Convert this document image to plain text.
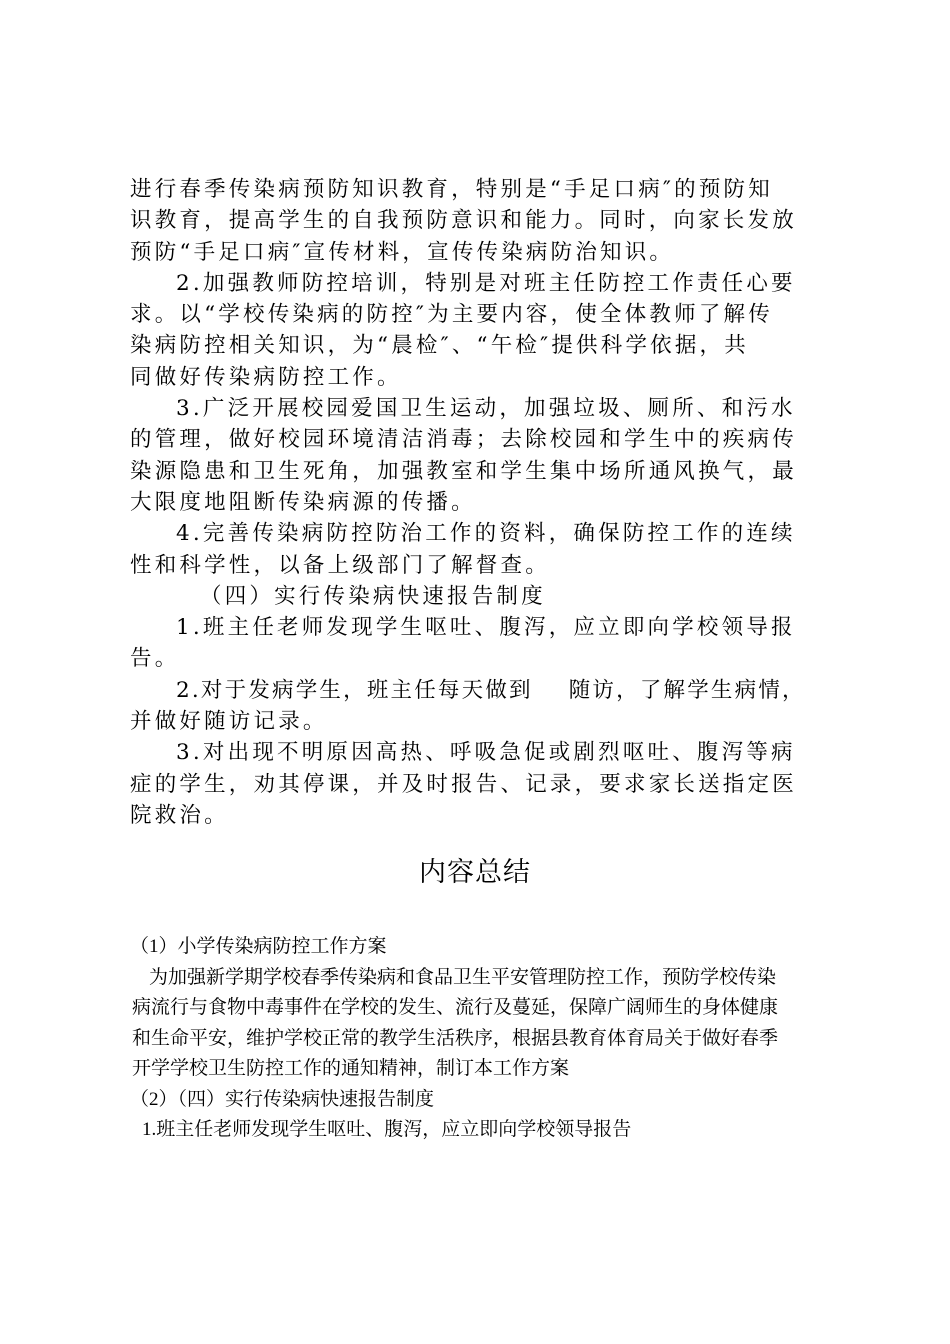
进行春季传染病预防知识教育，特别是“手足口病″的预防知
识教育，提高学生的自我预防意识和能力。同时，向家长发放
预防“手足口病″宣传材料，宣传传染病防治知识。
2.加强教师防控培训，特别是对班主任防控工作责任心要
求。以“学校传染病的防控″为主要内容，使全体教师了解传
染病防控相关知识，为“晨检″、“午检″提供科学依据，共
同做好传染病防控工作。
3.广泛开展校园爱国卫生运动，加强垃圾、厕所、和污水
的管理，做好校园环境清洁消毒；去除校园和学生中的疾病传
染源隐患和卫生死角，加强教室和学生集中场所通风换气，最
大限度地阻断传染病源的传播。
4.完善传染病防控防治工作的资料，确保防控工作的连续
性和科学性，以备上级部门了解督查。
（四）实行传染病快速报告制度
1.班主任老师发现学生呕吐、腹泻，应立即向学校领导报
告。
2.对于发病学生，班主任每天做到 随访，了解学生病情，
并做好随访记录。
3.对出现不明原因高热、呼吸急促或剧烈呕吐、腹泻等病
症的学生，劝其停课，并及时报告、记录，要求家长送指定医
院救治。
内容总结
（1）小学传染病防控工作方案
为加强新学期学校春季传染病和食品卫生平安管理防控工作，预防学校传染
病流行与食物中毒事件在学校的发生、流行及蔓延，保障广阔师生的身体健康
和生命平安，维护学校正常的教学生活秩序，根据县教育体育局关于做好春季
开学学校卫生防控工作的通知精神，制订本工作方案
（2）（四）实行传染病快速报告制度
1.班主任老师发现学生呕吐、腹泻，应立即向学校领导报告
